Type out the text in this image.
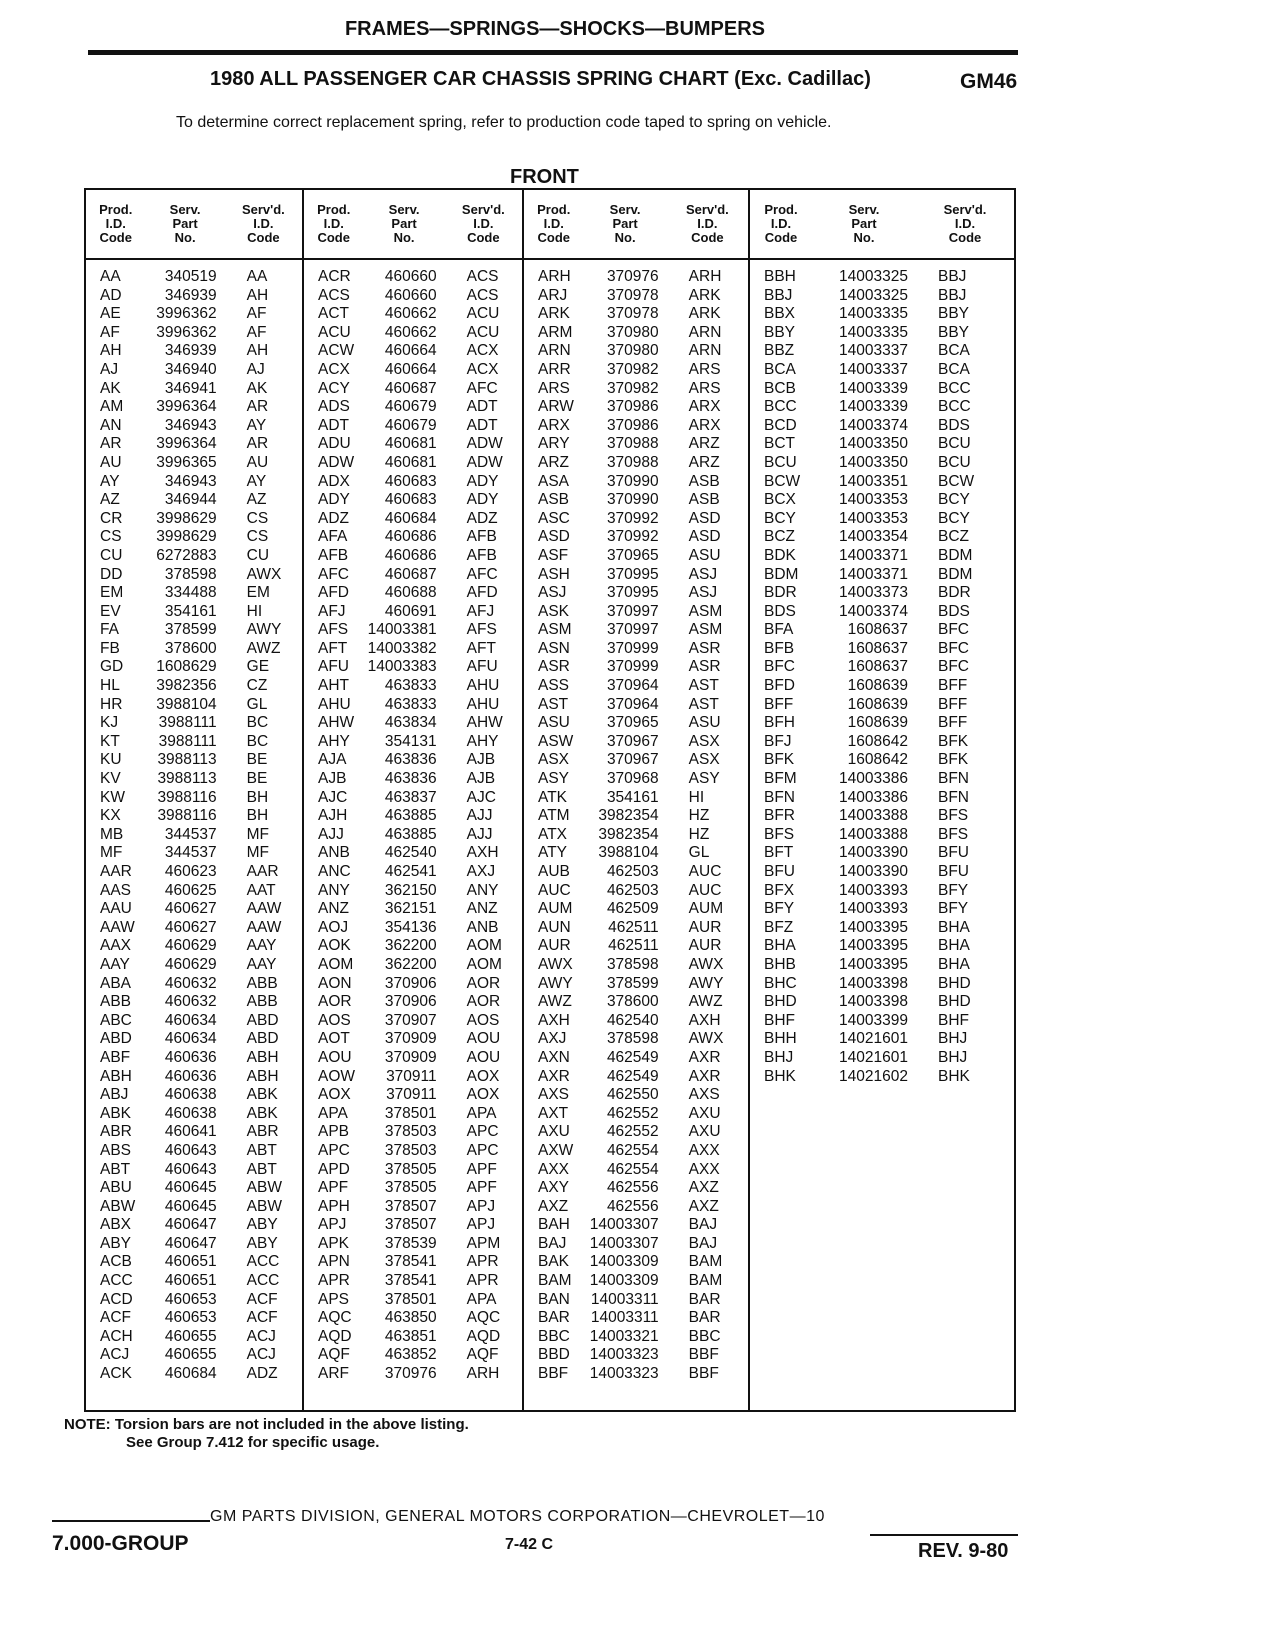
FRAMES—SPRINGS—SHOCKS—BUMPERS
1980 ALL PASSENGER CAR CHASSIS SPRING CHART (Exc. Cadillac)	GM46
To determine correct replacement spring, refer to production code taped to spring on vehicle.
FRONT
Prod.
I.D.
Code
Serv.
Part
No.
Serv'd.
I.D.
Code
AA	340519	AA
AD	346939	AH
AE	3996362	AF
AF	3996362	AF
AH	346939	AH
AJ	346940	AJ
AK	346941	AK
AM	3996364	AR
AN	346943	AY
AR	3996364	AR
AU	3996365	AU
AY	346943	AY
AZ	346944	AZ
CR	3998629	CS
CS	3998629	CS
CU	6272883	CU
DD	378598	AWX
EM	334488	EM
EV	354161	HI
FA	378599	AWY
FB	378600	AWZ
GD	1608629	GE
HL	3982356	CZ
HR	3988104	GL
KJ	3988111	BC
KT	3988111	BC
KU	3988113	BE
KV	3988113	BE
KW	3988116	BH
KX	3988116	BH
MB	344537	MF
MF	344537	MF
AAR	460623	AAR
AAS	460625	AAT
AAU	460627	AAW
AAW	460627	AAW
AAX	460629	AAY
AAY	460629	AAY
ABA	460632	ABB
ABB	460632	ABB
ABC	460634	ABD
ABD	460634	ABD
ABF	460636	ABH
ABH	460636	ABH
ABJ	460638	ABK
ABK	460638	ABK
ABR	460641	ABR
ABS	460643	ABT
ABT	460643	ABT
ABU	460645	ABW
ABW	460645	ABW
ABX	460647	ABY
ABY	460647	ABY
ACB	460651	ACC
ACC	460651	ACC
ACD	460653	ACF
ACF	460653	ACF
ACH	460655	ACJ
ACJ	460655	ACJ
ACK	460684	ADZ
Prod.
I.D.
Code
Serv.
Part
No.
Serv'd.
I.D.
Code
ACR	460660	ACS
ACS	460660	ACS
ACT	460662	ACU
ACU	460662	ACU
ACW	460664	ACX
ACX	460664	ACX
ACY	460687	AFC
ADS	460679	ADT
ADT	460679	ADT
ADU	460681	ADW
ADW	460681	ADW
ADX	460683	ADY
ADY	460683	ADY
ADZ	460684	ADZ
AFA	460686	AFB
AFB	460686	AFB
AFC	460687	AFC
AFD	460688	AFD
AFJ	460691	AFJ
AFS	14003381	AFS
AFT	14003382	AFT
AFU	14003383	AFU
AHT	463833	AHU
AHU	463833	AHU
AHW	463834	AHW
AHY	354131	AHY
AJA	463836	AJB
AJB	463836	AJB
AJC	463837	AJC
AJH	463885	AJJ
AJJ	463885	AJJ
ANB	462540	AXH
ANC	462541	AXJ
ANY	362150	ANY
ANZ	362151	ANZ
AOJ	354136	ANB
AOK	362200	AOM
AOM	362200	AOM
AON	370906	AOR
AOR	370906	AOR
AOS	370907	AOS
AOT	370909	AOU
AOU	370909	AOU
AOW	370911	AOX
AOX	370911	AOX
APA	378501	APA
APB	378503	APC
APC	378503	APC
APD	378505	APF
APF	378505	APF
APH	378507	APJ
APJ	378507	APJ
APK	378539	APM
APN	378541	APR
APR	378541	APR
APS	378501	APA
AQC	463850	AQC
AQD	463851	AQD
AQF	463852	AQF
ARF	370976	ARH
Prod.
I.D.
Code
Serv.
Part
No.
Serv'd.
I.D.
Code
ARH	370976	ARH
ARJ	370978	ARK
ARK	370978	ARK
ARM	370980	ARN
ARN	370980	ARN
ARR	370982	ARS
ARS	370982	ARS
ARW	370986	ARX
ARX	370986	ARX
ARY	370988	ARZ
ARZ	370988	ARZ
ASA	370990	ASB
ASB	370990	ASB
ASC	370992	ASD
ASD	370992	ASD
ASF	370965	ASU
ASH	370995	ASJ
ASJ	370995	ASJ
ASK	370997	ASM
ASM	370997	ASM
ASN	370999	ASR
ASR	370999	ASR
ASS	370964	AST
AST	370964	AST
ASU	370965	ASU
ASW	370967	ASX
ASX	370967	ASX
ASY	370968	ASY
ATK	354161	HI
ATM	3982354	HZ
ATX	3982354	HZ
ATY	3988104	GL
AUB	462503	AUC
AUC	462503	AUC
AUM	462509	AUM
AUN	462511	AUR
AUR	462511	AUR
AWX	378598	AWX
AWY	378599	AWY
AWZ	378600	AWZ
AXH	462540	AXH
AXJ	378598	AWX
AXN	462549	AXR
AXR	462549	AXR
AXS	462550	AXS
AXT	462552	AXU
AXU	462552	AXU
AXW	462554	AXX
AXX	462554	AXX
AXY	462556	AXZ
AXZ	462556	AXZ
BAH	14003307	BAJ
BAJ	14003307	BAJ
BAK	14003309	BAM
BAM	14003309	BAM
BAN	14003311	BAR
BAR	14003311	BAR
BBC	14003321	BBC
BBD	14003323	BBF
BBF	14003323	BBF
Prod.
I.D.
Code
Serv.
Part
No.
Serv'd.
I.D.
Code
BBH	14003325	BBJ
BBJ	14003325	BBJ
BBX	14003335	BBY
BBY	14003335	BBY
BBZ	14003337	BCA
BCA	14003337	BCA
BCB	14003339	BCC
BCC	14003339	BCC
BCD	14003374	BDS
BCT	14003350	BCU
BCU	14003350	BCU
BCW	14003351	BCW
BCX	14003353	BCY
BCY	14003353	BCY
BCZ	14003354	BCZ
BDK	14003371	BDM
BDM	14003371	BDM
BDR	14003373	BDR
BDS	14003374	BDS
BFA	1608637	BFC
BFB	1608637	BFC
BFC	1608637	BFC
BFD	1608639	BFF
BFF	1608639	BFF
BFH	1608639	BFF
BFJ	1608642	BFK
BFK	1608642	BFK
BFM	14003386	BFN
BFN	14003386	BFN
BFR	14003388	BFS
BFS	14003388	BFS
BFT	14003390	BFU
BFU	14003390	BFU
BFX	14003393	BFY
BFY	14003393	BFY
BFZ	14003395	BHA
BHA	14003395	BHA
BHB	14003395	BHA
BHC	14003398	BHD
BHD	14003398	BHD
BHF	14003399	BHF
BHH	14021601	BHJ
BHJ	14021601	BHJ
BHK	14021602	BHK
NOTE: Torsion bars are not included in the above listing.
See Group 7.412 for specific usage.
GM PARTS DIVISION, GENERAL MOTORS CORPORATION—CHEVROLET—10
7.000-GROUP	7-42 C	REV. 9-80
